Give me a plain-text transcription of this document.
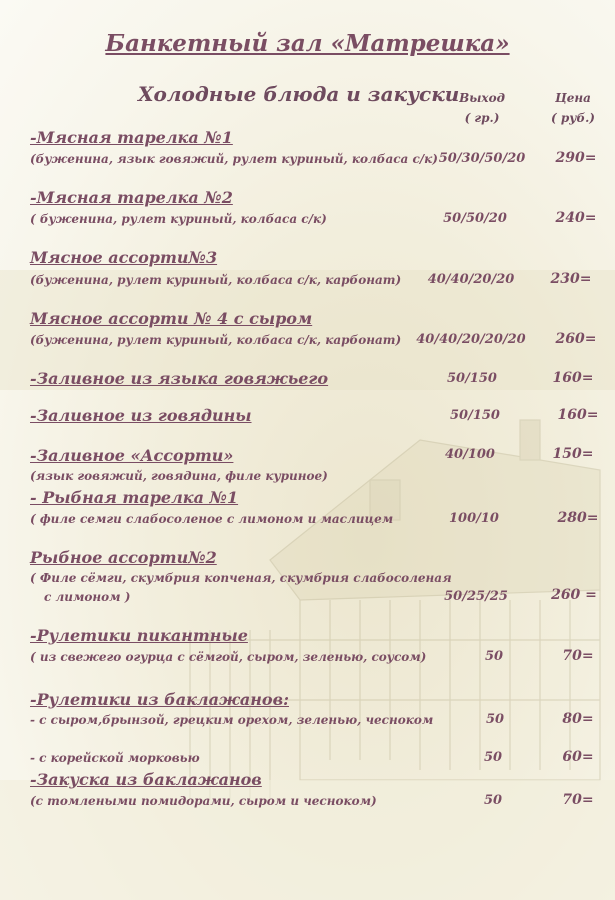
Банкетный зал «Матрешка»
Холодные блюда и закуски Выход
( гр.)
Цена
( руб.)
-Мясная тарелка №1
(буженина, язык говяжий, рулет куриный, колбаса с/к) 50/30/50/20	290=
-Мясная тарелка №2
( буженина, рулет куриный, колбаса с/к)	50/50/20	240=
Мясное ассорти№3
(буженина, рулет куриный, колбаса с/к, карбонат)	40/40/20/20	230=
Мясное ассорти № 4 с сыром
(буженина, рулет куриный, колбаса с/к, карбонат) 40/40/20/20/20	260=
-Заливное из языка говяжьего	50/150	160=
-Заливное из говядины	50/150	160=
-Заливное «Ассорти»
(язык говяжий, говядина, филе куриное)
40/100	150=
- Рыбная тарелка №1
( филе семги слабосоленое с лимоном и маслицем	100/10	280=
Рыбное ассорти№2
( Филе сёмги, скумбрия копченая, скумбрия слабосоленая
с лимоном )	50/25/25	260 =
-Рулетики пикантные
( из свежего огурца с сёмгой, сыром, зеленью, соусом)	50	70=
-Рулетики из баклажанов:
- с сыром,брынзой, грецким орехом, зеленью, чесноком	50	80=
- с корейской морковью	50	60=
-Закуска из баклажанов
(с томлеными помидорами, сыром и чесноком)	50	70=
